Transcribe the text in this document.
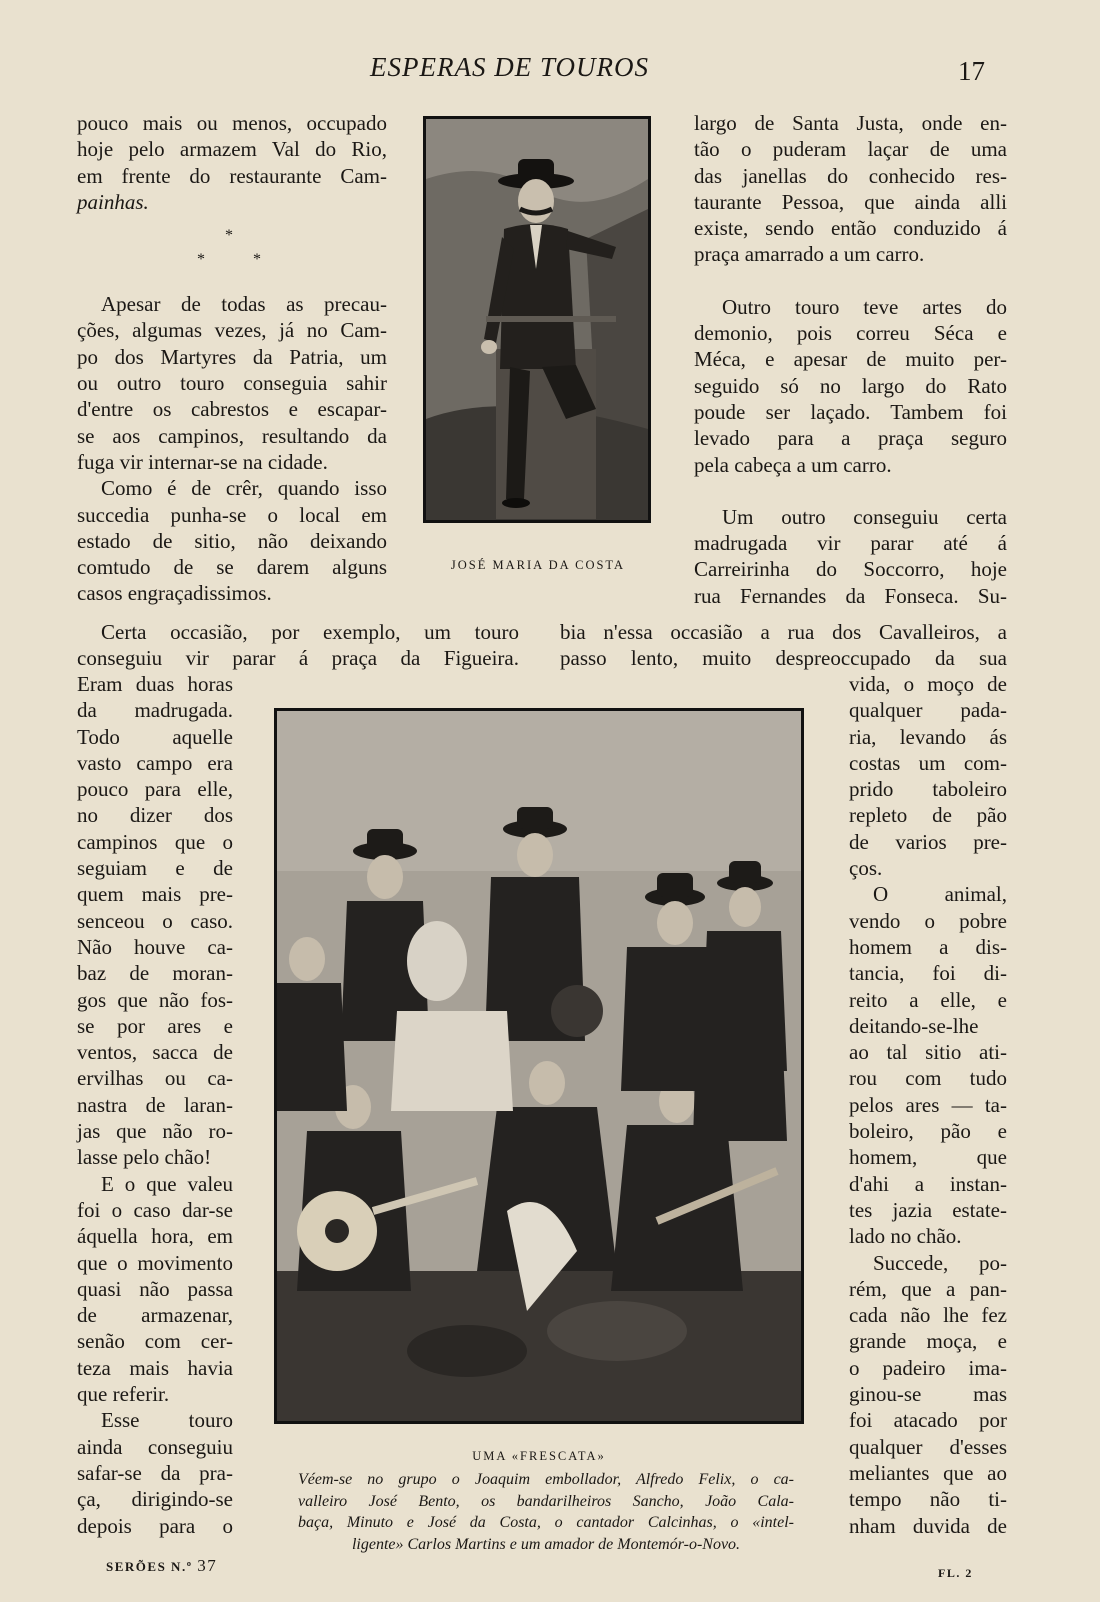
ESPERAS DE TOUROS	17

pouco mais ou menos, occupado
hoje pelo armazem Val do Rio,
em frente do restaurante Cam-
painhas.

*
*	*

Apesar de todas as precau-
ções, algumas vezes, já no Cam-
po dos Martyres da Patria, um
ou outro touro conseguia sahir
d'entre os cabrestos e escapar-
se aos campinos, resultando da
fuga vir internar-se na cidade.

Como é de crêr, quando isso
succedia punha-se o local em
estado de sitio, não deixando
comtudo de se darem alguns
casos engraçadissimos.

JOSÉ MARIA DA COSTA

largo de Santa Justa, onde en-
tão o puderam laçar de uma
das janellas do conhecido res-
taurante Pessoa, que ainda alli
existe, sendo então conduzido á
praça amarrado a um carro.

Outro touro teve artes do
demonio, pois correu Séca e
Méca, e apesar de muito per-
seguido só no largo do Rato
poude ser laçado. Tambem foi
levado para a praça seguro
pela cabeça a um carro.

Um outro conseguiu certa
madrugada vir parar até á
Carreirinha do Soccorro, hoje
rua Fernandes da Fonseca. Su-

Certa occasião, por exemplo, um touro bia n'essa occasião a rua dos Cavalleiros, a
conseguiu vir parar á praça da Figueira. passo lento, muito despreoccupado da sua

Eram duas horas
da madrugada.
Todo aquelle
vasto campo era
pouco para elle,
no dizer dos
campinos que o
seguiam e de
quem mais pre-
senceou o caso.
Não houve ca-
baz de moran-
gos que não fos-
se por ares e
ventos, sacca de
ervilhas ou ca-
nastra de laran-
jas que não ro-
lasse pelo chão!

E o que valeu
foi o caso dar-se
áquella hora, em
que o movimento
quasi não passa
de armazenar,
senão com cer-
teza mais havia
que referir.

Esse touro
ainda conseguiu
safar-se da pra-
ça, dirigindo-se
depois para o

UMA «FRESCATA»
Véem-se no grupo o Joaquim embollador, Alfredo Felix, o ca-
valleiro José Bento, os bandarilheiros Sancho, João Cala-
baça, Minuto e José da Costa, o cantador Calcinhas, o «intel-
ligente» Carlos Martins e um amador de Montemór-o-Novo.

vida, o moço de
qualquer pada-
ria, levando ás
costas um com-
prido taboleiro
repleto de pão
de varios pre-
ços.

O animal,
vendo o pobre
homem a dis-
tancia, foi di-
reito a elle, e
deitando-se-lhe
ao tal sitio ati-
rou com tudo
pelos ares — ta-
boleiro, pão e
homem, que
d'ahi a instan-
tes jazia estate-
lado no chão.

Succede, po-
rém, que a pan-
cada não lhe fez
grande moça, e
o padeiro ima-
ginou-se mas
foi atacado por
qualquer d'esses
meliantes que ao
tempo não ti-
nham duvida de

SERÕES N.º 37	FL. 2
